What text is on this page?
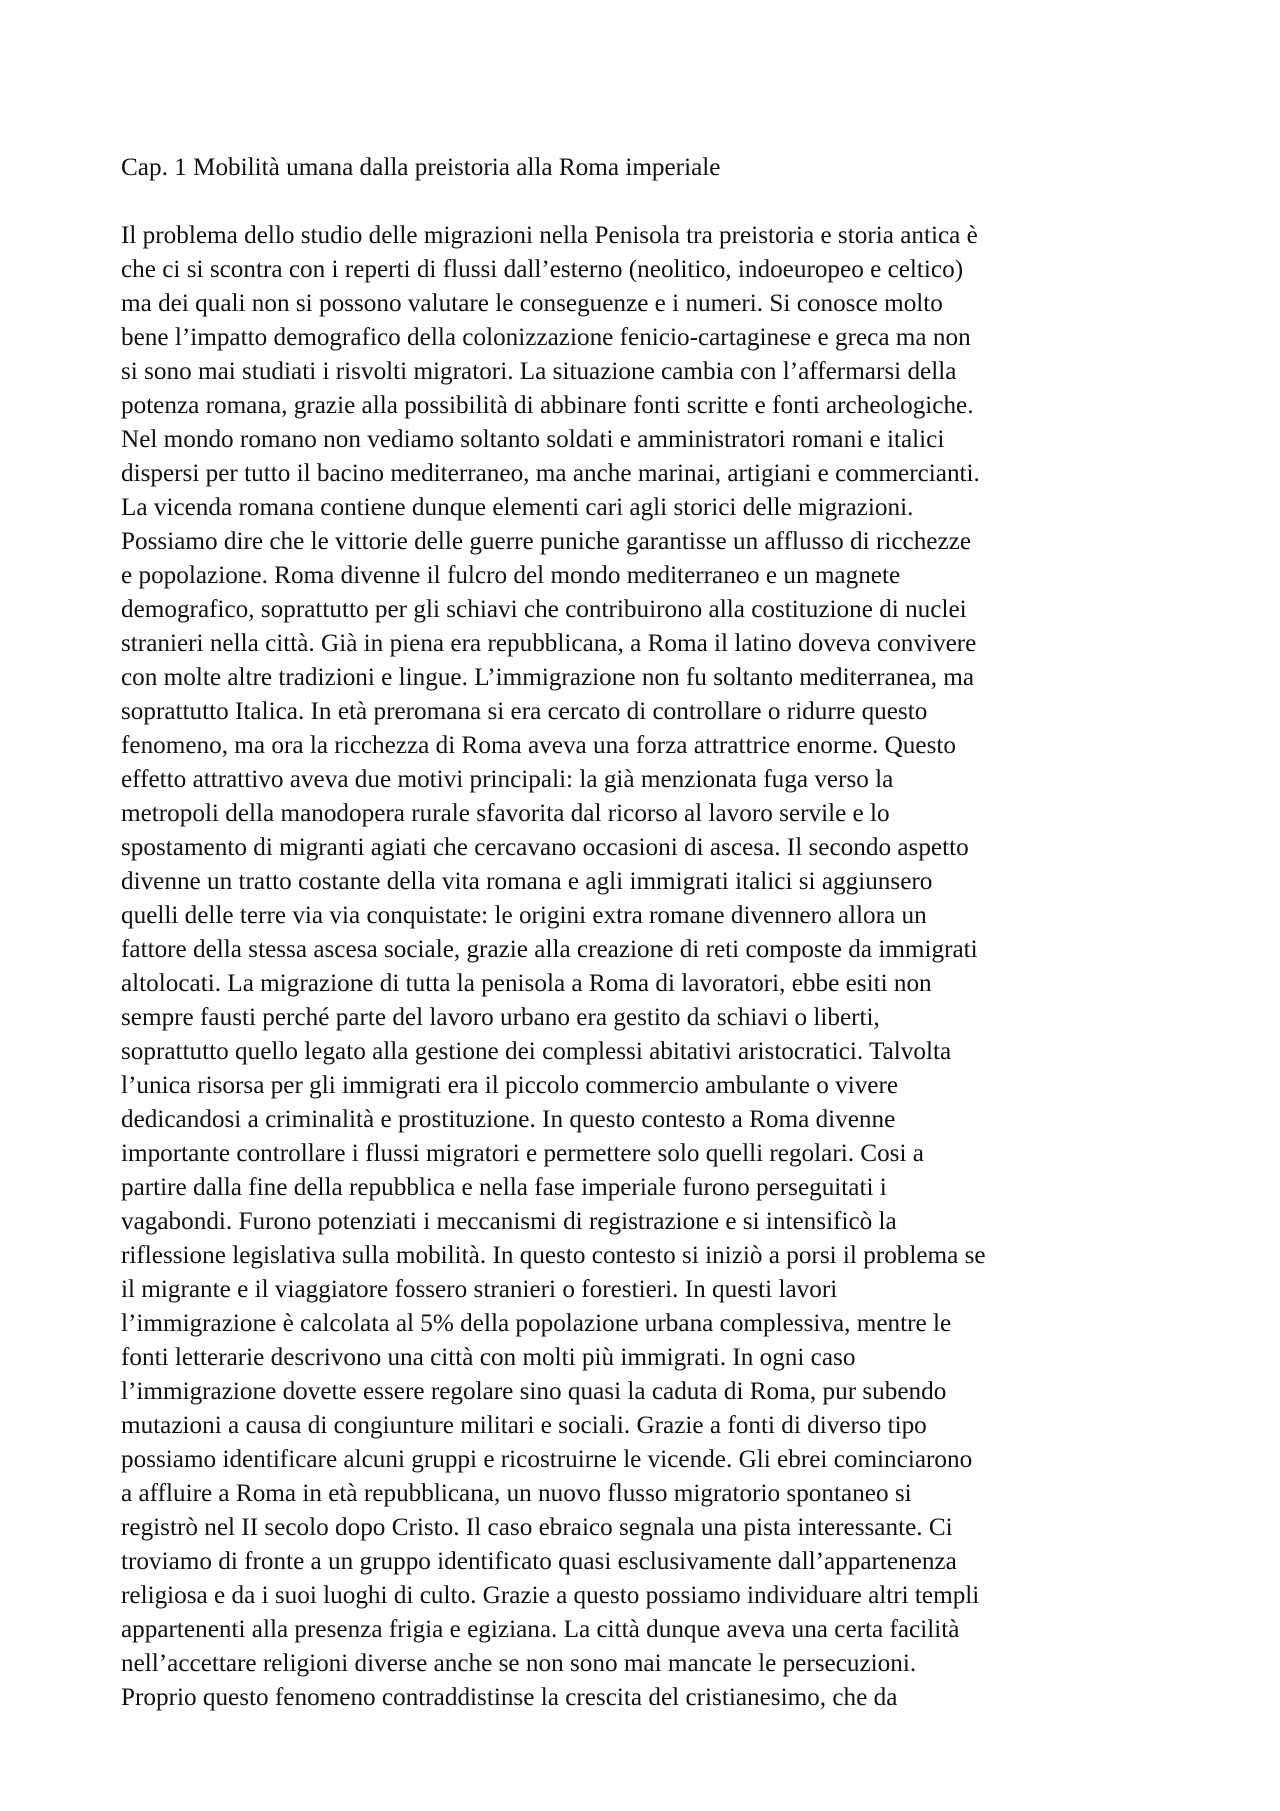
Cap. 1 Mobilità umana dalla preistoria alla Roma imperiale
Il problema dello studio delle migrazioni nella Penisola tra preistoria e storia antica è
che ci si scontra con i reperti di flussi dall’esterno (neolitico, indoeuropeo e celtico)
ma dei quali non si possono valutare le conseguenze e i numeri. Si conosce molto
bene l’impatto demografico della colonizzazione fenicio-cartaginese e greca ma non
si sono mai studiati i risvolti migratori. La situazione cambia con l’affermarsi della
potenza romana, grazie alla possibilità di abbinare fonti scritte e fonti archeologiche.
Nel mondo romano non vediamo soltanto soldati e amministratori romani e italici
dispersi per tutto il bacino mediterraneo, ma anche marinai, artigiani e commercianti.
La vicenda romana contiene dunque elementi cari agli storici delle migrazioni.
Possiamo dire che le vittorie delle guerre puniche garantisse un afflusso di ricchezze
e popolazione. Roma divenne il fulcro del mondo mediterraneo e un magnete
demografico, soprattutto per gli schiavi che contribuirono alla costituzione di nuclei
stranieri nella città. Già in piena era repubblicana, a Roma il latino doveva convivere
con molte altre tradizioni e lingue. L’immigrazione non fu soltanto mediterranea, ma
soprattutto Italica. In età preromana si era cercato di controllare o ridurre questo
fenomeno, ma ora la ricchezza di Roma aveva una forza attrattrice enorme. Questo
effetto attrattivo aveva due motivi principali: la già menzionata fuga verso la
metropoli della manodopera rurale sfavorita dal ricorso al lavoro servile e lo
spostamento di migranti agiati che cercavano occasioni di ascesa. Il secondo aspetto
divenne un tratto costante della vita romana e agli immigrati italici si aggiunsero
quelli delle terre via via conquistate: le origini extra romane divennero allora un
fattore della stessa ascesa sociale, grazie alla creazione di reti composte da immigrati
altolocati. La migrazione di tutta la penisola a Roma di lavoratori, ebbe esiti non
sempre fausti perché parte del lavoro urbano era gestito da schiavi o liberti,
soprattutto quello legato alla gestione dei complessi abitativi aristocratici. Talvolta
l’unica risorsa per gli immigrati era il piccolo commercio ambulante o vivere
dedicandosi a criminalità e prostituzione. In questo contesto a Roma divenne
importante controllare i flussi migratori e permettere solo quelli regolari. Cosi a
partire dalla fine della repubblica e nella fase imperiale furono perseguitati i
vagabondi. Furono potenziati i meccanismi di registrazione e si intensificò la
riflessione legislativa sulla mobilità. In questo contesto si iniziò a porsi il problema se
il migrante e il viaggiatore fossero stranieri o forestieri. In questi lavori
l’immigrazione è calcolata al 5% della popolazione urbana complessiva, mentre le
fonti letterarie descrivono una città con molti più immigrati. In ogni caso
l’immigrazione dovette essere regolare sino quasi la caduta di Roma, pur subendo
mutazioni a causa di congiunture militari e sociali. Grazie a fonti di diverso tipo
possiamo identificare alcuni gruppi e ricostruirne le vicende. Gli ebrei cominciarono
a affluire a Roma in età repubblicana, un nuovo flusso migratorio spontaneo si
registrò nel II secolo dopo Cristo. Il caso ebraico segnala una pista interessante. Ci
troviamo di fronte a un gruppo identificato quasi esclusivamente dall’appartenenza
religiosa e da i suoi luoghi di culto. Grazie a questo possiamo individuare altri templi
appartenenti alla presenza frigia e egiziana. La città dunque aveva una certa facilità
nell’accettare religioni diverse anche se non sono mai mancate le persecuzioni.
Proprio questo fenomeno contraddistinse la crescita del cristianesimo, che da
